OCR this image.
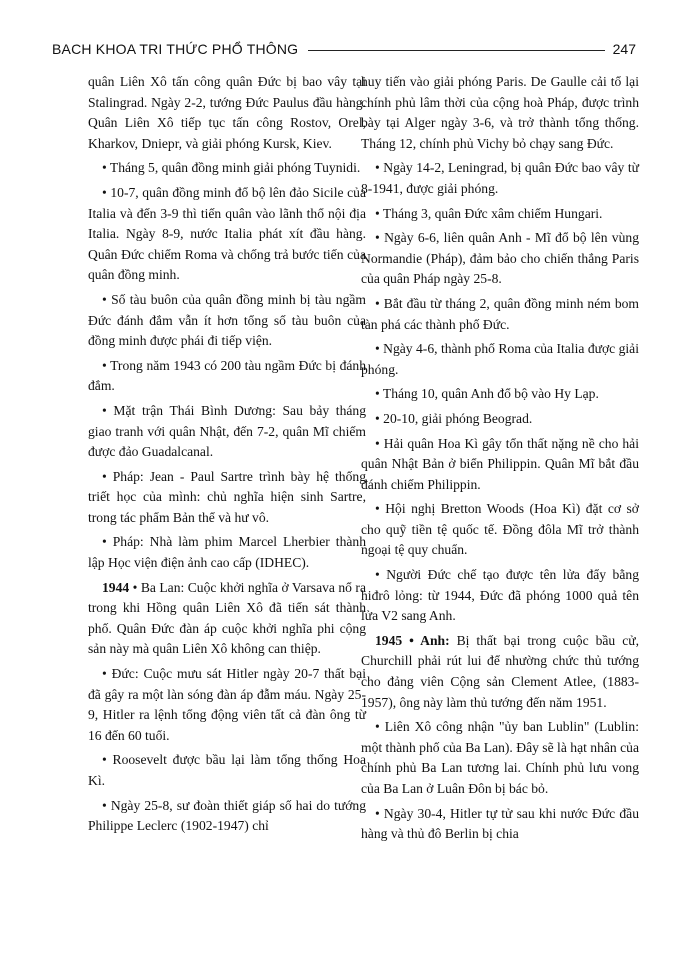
BACH KHOA TRI THỨC PHỔ THÔNG	247

quân Liên Xô tấn công quân Đức bị bao vây tại Stalingrad. Ngày 2-2, tướng Đức Paulus đầu hàng. Quân Liên Xô tiếp tục tấn công Rostov, Orel, Kharkov, Dniepr, và giải phóng Kursk, Kiev.

• Tháng 5, quân đồng minh giải phóng Tuynidi.

• 10-7, quân đồng minh đổ bộ lên đảo Sicile của Italia và đến 3-9 thì tiến quân vào lãnh thổ nội địa Italia. Ngày 8-9, nước Italia phát xít đầu hàng. Quân Đức chiếm Roma và chống trả bước tiến của quân đồng minh.

• Số tàu buôn của quân đồng minh bị tàu ngầm Đức đánh đắm vẫn ít hơn tổng số tàu buôn của đồng minh được phái đi tiếp viện.

• Trong năm 1943 có 200 tàu ngầm Đức bị đánh đắm.

• Mặt trận Thái Bình Dương: Sau bảy tháng giao tranh với quân Nhật, đến 7-2, quân Mĩ chiếm được đảo Guadalcanal.

• Pháp: Jean - Paul Sartre trình bày hệ thống triết học của mình: chủ nghĩa hiện sinh Sartre, trong tác phẩm Bản thể và hư vô.

• Pháp: Nhà làm phim Marcel Lherbier thành lập Học viện điện ảnh cao cấp (IDHEC).

1944 • Ba Lan: Cuộc khởi nghĩa ở Varsava nổ ra trong khi Hồng quân Liên Xô đã tiến sát thành phố. Quân Đức đàn áp cuộc khởi nghĩa phi cộng sản này mà quân Liên Xô không can thiệp.

• Đức: Cuộc mưu sát Hitler ngày 20-7 thất bại đã gây ra một làn sóng đàn áp đẫm máu. Ngày 25-9, Hitler ra lệnh tổng động viên tất cả đàn ông từ 16 đến 60 tuổi.

• Roosevelt được bầu lại làm tổng thống Hoa Kì.

• Ngày 25-8, sư đoàn thiết giáp số hai do tướng Philippe Leclerc (1902-1947) chỉ

huy tiến vào giải phóng Paris. De Gaulle cải tổ lại chính phủ lâm thời của cộng hoà Pháp, được trình bày tại Alger ngày 3-6, và trở thành tổng thống. Tháng 12, chính phủ Vichy bỏ chạy sang Đức.

• Ngày 14-2, Leningrad, bị quân Đức bao vây từ 8-1941, được giải phóng.

• Tháng 3, quân Đức xâm chiếm Hungari.

• Ngày 6-6, liên quân Anh - Mĩ đổ bộ lên vùng Normandie (Pháp), đảm bảo cho chiến thắng Paris của quân Pháp ngày 25-8.

• Bắt đầu từ tháng 2, quân đồng minh ném bom tàn phá các thành phố Đức.

• Ngày 4-6, thành phố Roma của Italia được giải phóng.

• Tháng 10, quân Anh đổ bộ vào Hy Lạp.

• 20-10, giải phóng Beograd.

• Hải quân Hoa Kì gây tổn thất nặng nề cho hải quân Nhật Bản ở biển Philippin. Quân Mĩ bắt đầu đánh chiếm Philippin.

• Hội nghị Bretton Woods (Hoa Kì) đặt cơ sở cho quỹ tiền tệ quốc tế. Đồng đôla Mĩ trở thành ngoại tệ quy chuẩn.

• Người Đức chế tạo được tên lửa đẩy bằng hiđrô lỏng: từ 1944, Đức đã phóng 1000 quả tên lửa V2 sang Anh.

1945 • Anh: Bị thất bại trong cuộc bầu cử, Churchill phải rút lui để nhường chức thủ tướng cho đảng viên Cộng sản Clement Atlee, (1883-1957), ông này làm thủ tướng đến năm 1951.

• Liên Xô công nhận "ủy ban Lublin" (Lublin: một thành phố của Ba Lan). Đây sẽ là hạt nhân của chính phủ Ba Lan tương lai. Chính phủ lưu vong của Ba Lan ở Luân Đôn bị bác bỏ.

• Ngày 30-4, Hitler tự tử sau khi nước Đức đầu hàng và thủ đô Berlin bị chia
